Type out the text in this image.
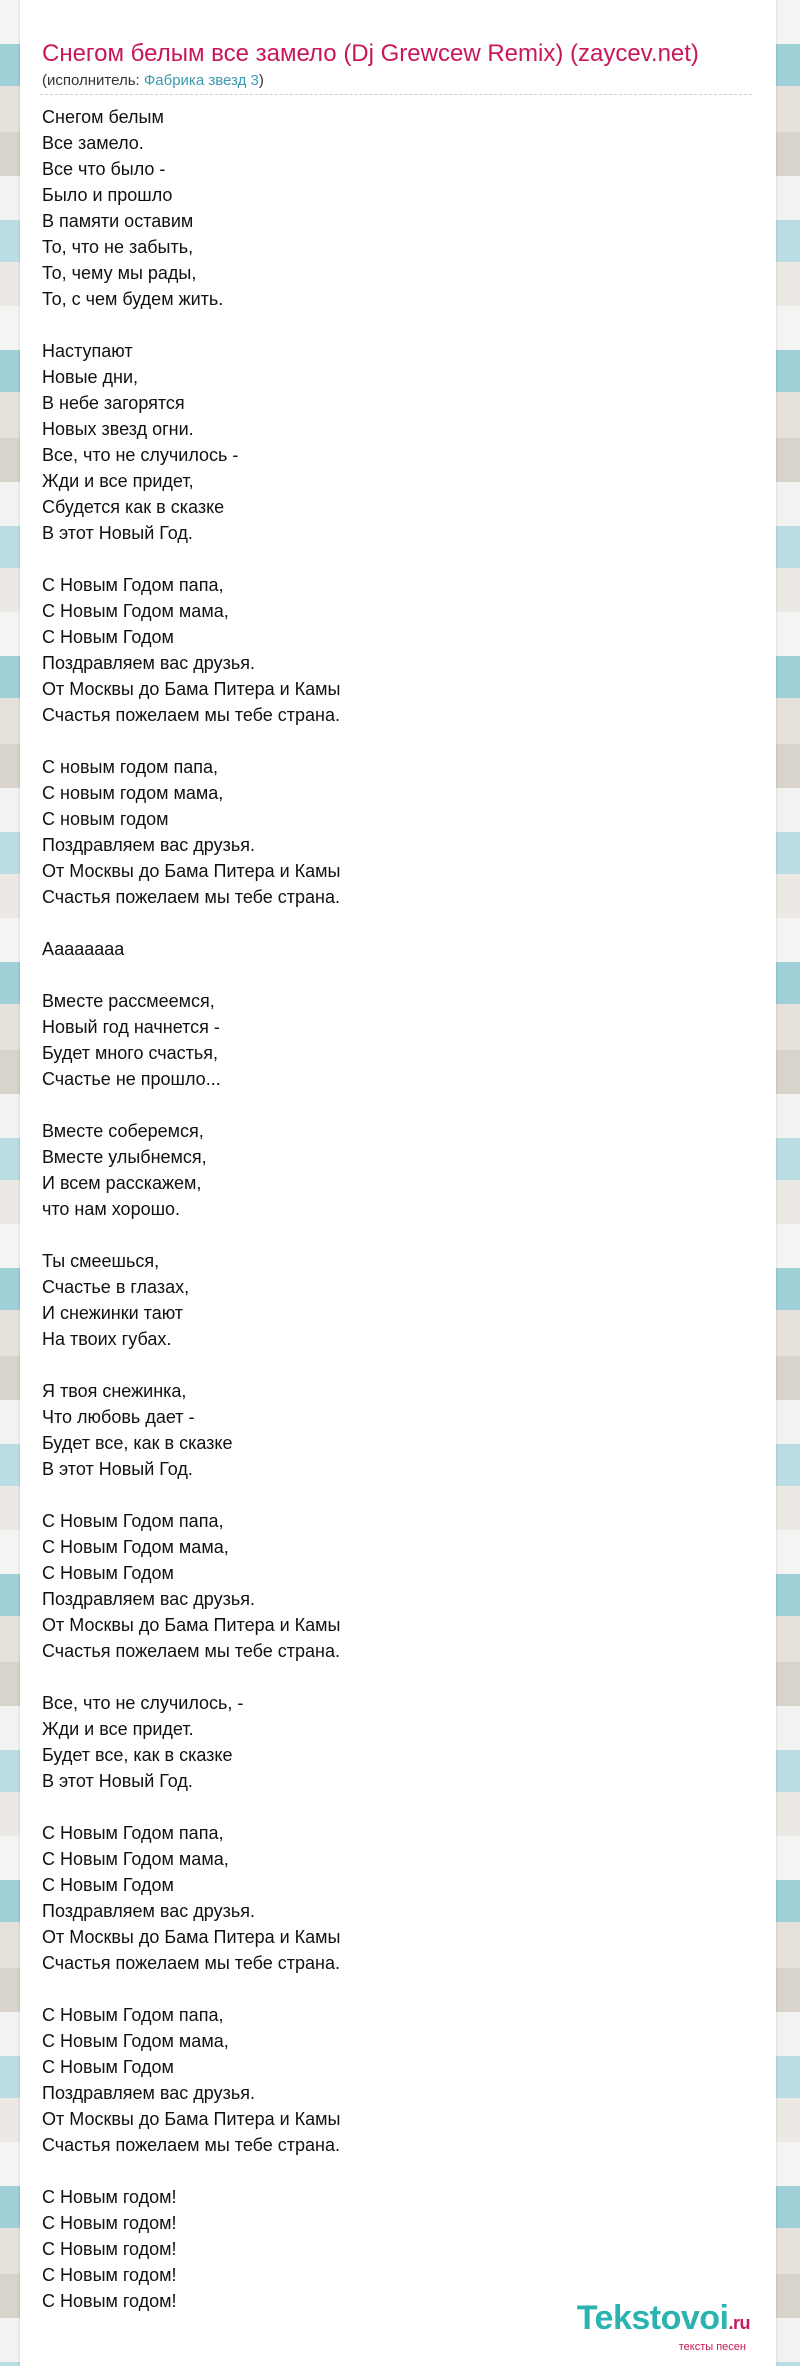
Снегом белым все замело (Dj Grewcew Remix) (zaycev.net)
(исполнитель: Фабрика звезд 3)
Снегом белым
Все замело.
Все что было -
Было и прошло
В памяти оставим
То, что не забыть,
То, чему мы рады,
То, с чем будем жить.
Наступают
Новые дни,
В небе загорятся
Новых звезд огни.
Все, что не случилось -
Жди и все придет,
Сбудется как в сказке
В этот Новый Год.
С Новым Годом папа,
С Новым Годом мама,
С Новым Годом
Поздравляем вас друзья.
От Москвы до Бама Питера и Камы
Счастья пожелаем мы тебе страна.
С новым годом папа,
С новым годом мама,
С новым годом
Поздравляем вас друзья.
От Москвы до Бама Питера и Камы
Счастья пожелаем мы тебе страна.
Ааааааaa
Вместе рассмеемся,
Новый год начнется -
Будет много счастья,
Счастье не прошло...
Вместе соберемся,
Вместе улыбнемся,
И всем расскажем,
что нам хорошо.
Ты смеешься,
Счастье в глазах,
И снежинки тают
На твоих губах.
Я твоя снежинка,
Что любовь дает -
Будет все, как в сказке
В этот Новый Год.
С Новым Годом папа,
С Новым Годом мама,
С Новым Годом
Поздравляем вас друзья.
От Москвы до Бама Питера и Камы
Счастья пожелаем мы тебе страна.
Все, что не случилось, -
Жди и все придет.
Будет все, как в сказке
В этот Новый Год.
С Новым Годом папа,
С Новым Годом мама,
С Новым Годом
Поздравляем вас друзья.
От Москвы до Бама Питера и Камы
Счастья пожелаем мы тебе страна.
С Новым Годом папа,
С Новым Годом мама,
С Новым Годом
Поздравляем вас друзья.
От Москвы до Бама Питера и Камы
Счастья пожелаем мы тебе страна.
С Новым годом!
С Новым годом!
С Новым годом!
С Новым годом!
С Новым годом!	Tekstovoi.ru
тексты песен
